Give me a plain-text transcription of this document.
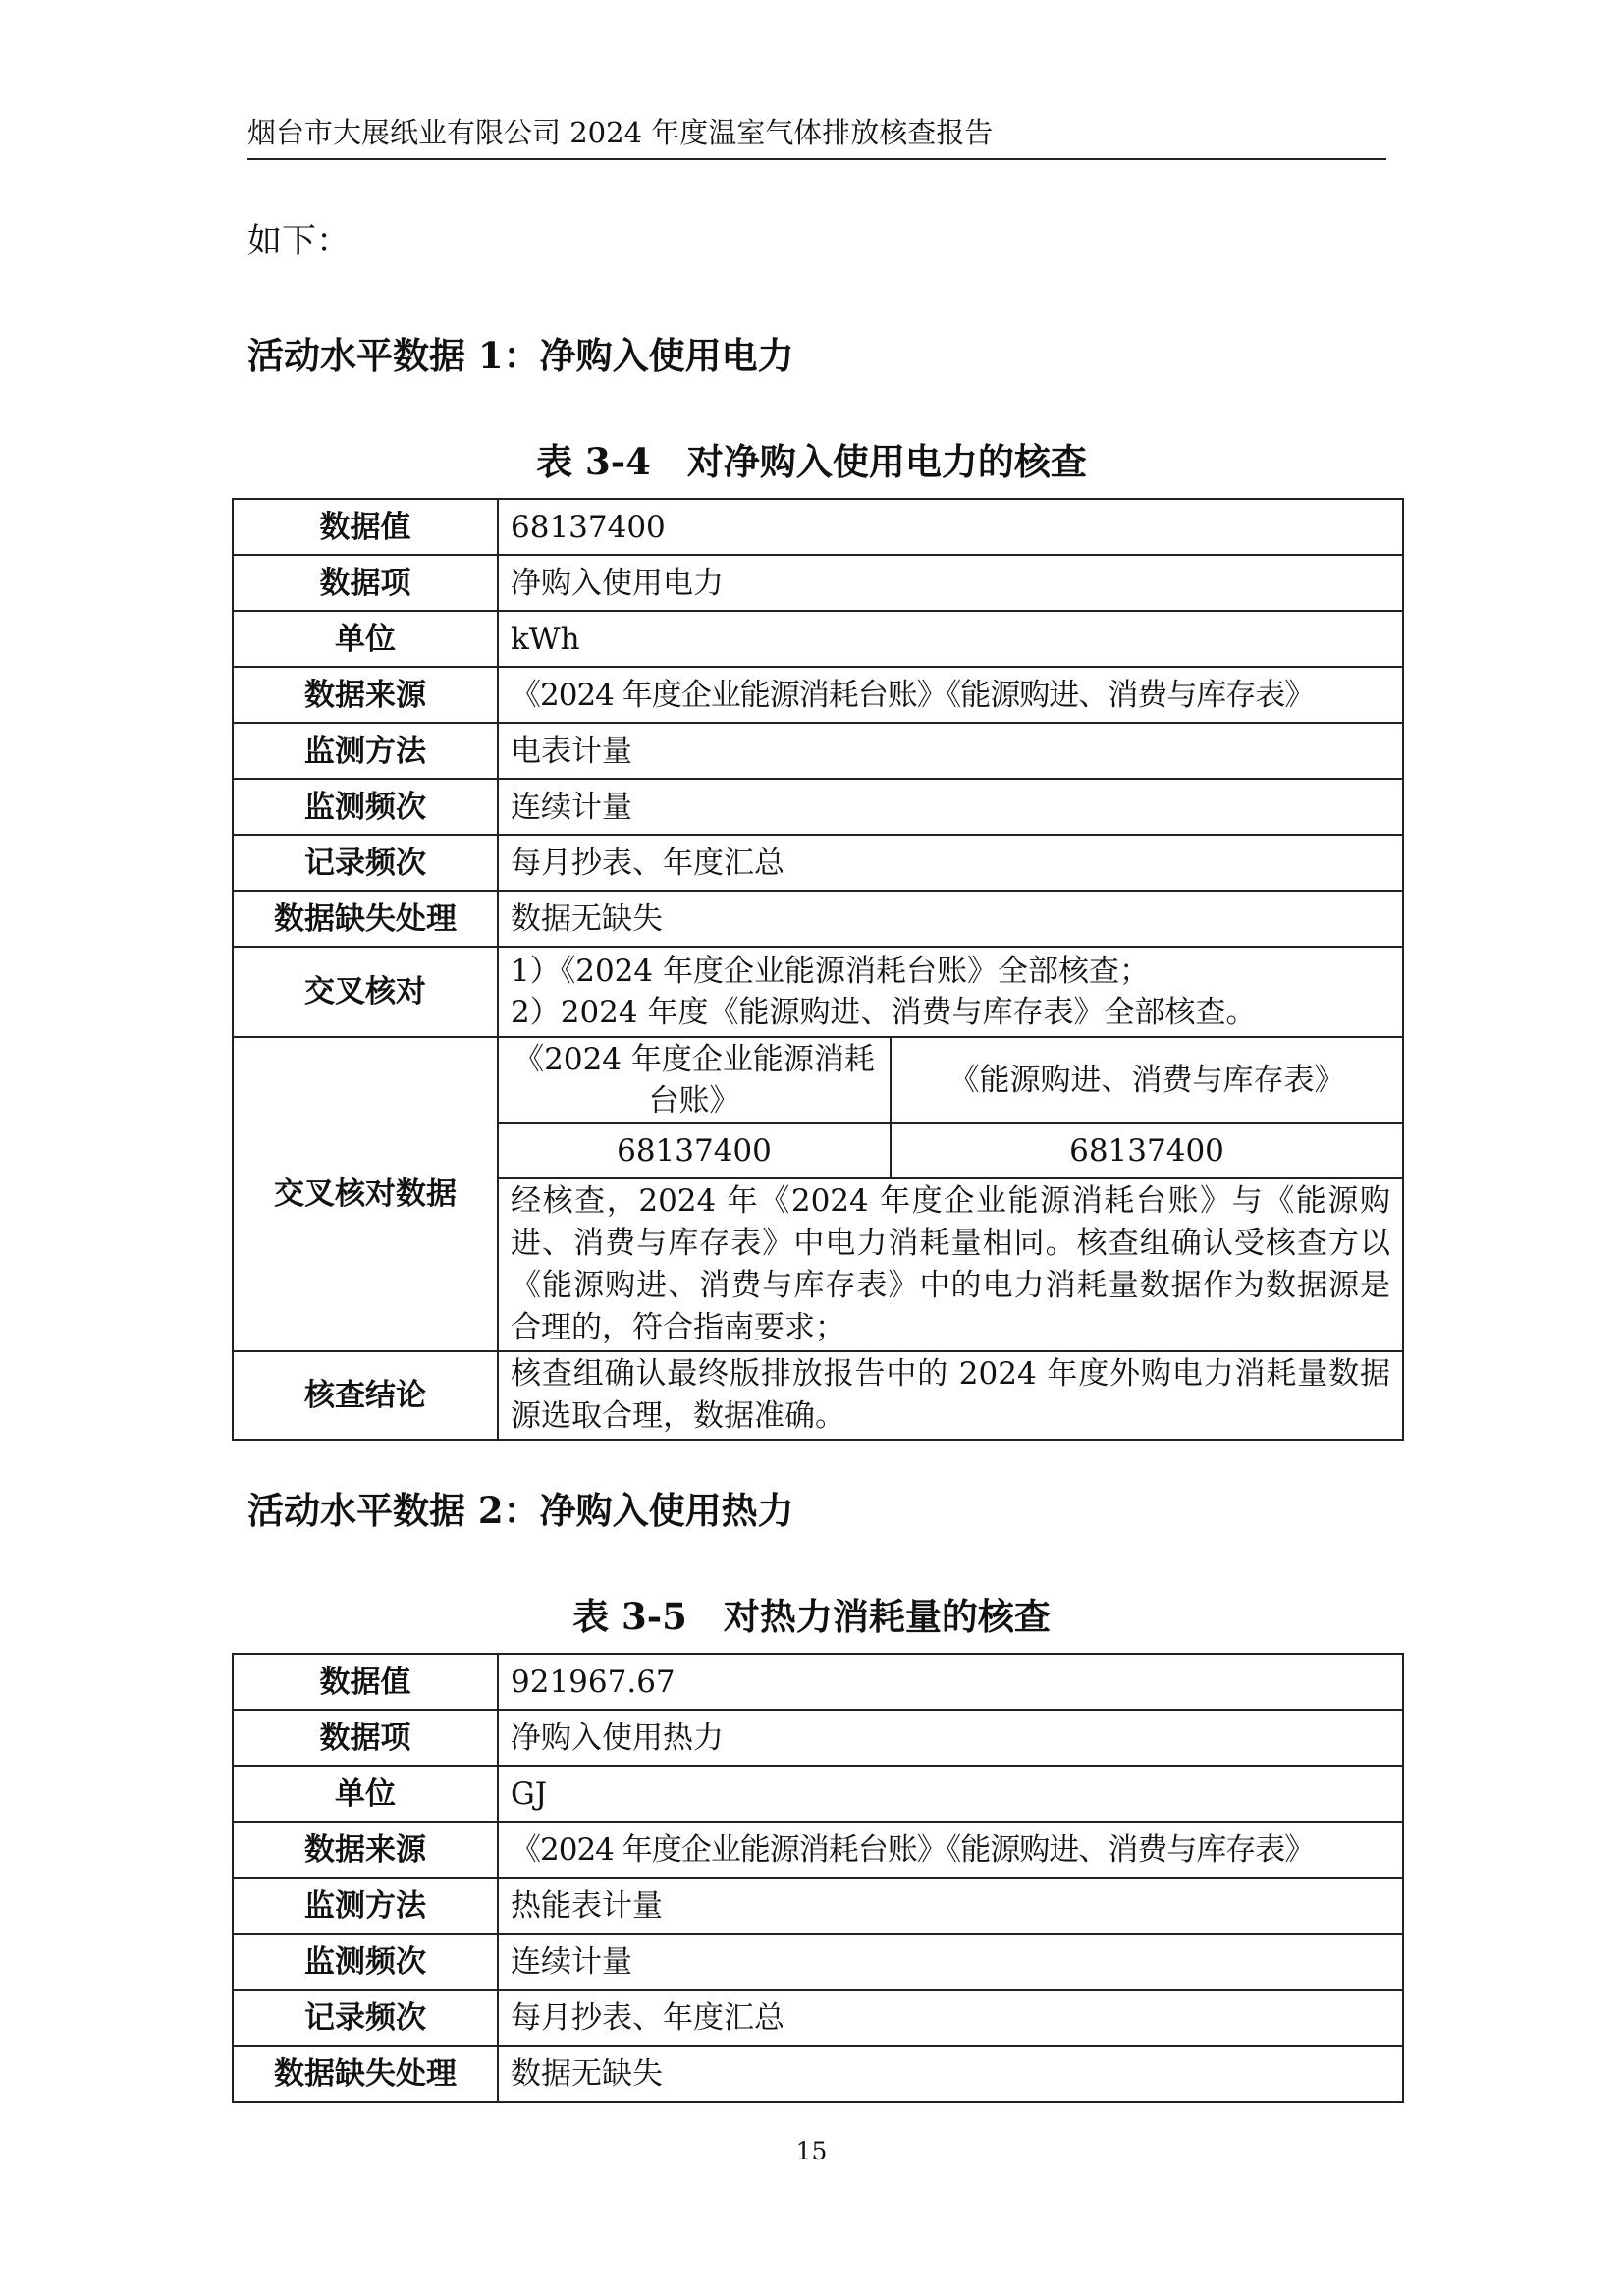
烟台市大展纸业有限公司 2024 年度温室气体排放核查报告
如下：
活动水平数据 1：净购入使用电力
表 3-4　对净购入使用电力的核查
数据值	68137400	
数据项	净购入使用电力	
单位	kWh	
数据来源	《2024 年度企业能源消耗台账》《能源购进、消费与库存表》	
监测方法	电表计量	
监测频次	连续计量	
记录频次	每月抄表、年度汇总	
数据缺失处理	数据无缺失	
交叉核对	1）《2024 年度企业能源消耗台账》全部核查；
2）2024 年度《能源购进、消费与库存表》全部核查。	

交叉核对数据	《2024 年度企业能源消耗台账》	《能源购进、消费与库存表》
	68137400	68137400
	经核查，2024 年《2024 年度企业能源消耗台账》与《能源购进、消费与库存表》中电力消耗量相同。核查组确认受核查方以《能源购进、消费与库存表》中的电力消耗量数据作为数据源是合理的，符合指南要求；	
核查结论	核查组确认最终版排放报告中的 2024 年度外购电力消耗量数据源选取合理，数据准确。	
活动水平数据 2：净购入使用热力
表 3-5　对热力消耗量的核查
数据值	921967.67
数据项	净购入使用热力
单位	GJ
数据来源	《2024 年度企业能源消耗台账》《能源购进、消费与库存表》
监测方法	热能表计量
监测频次	连续计量
记录频次	每月抄表、年度汇总
数据缺失处理	数据无缺失
15
